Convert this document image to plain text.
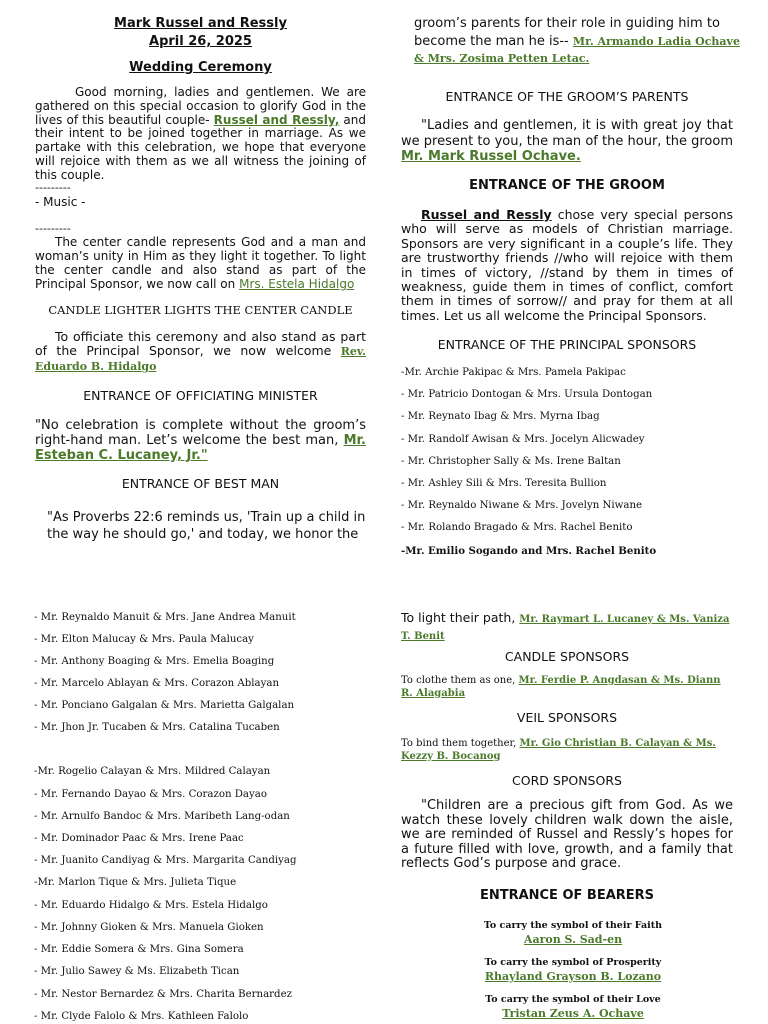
Mark Russel and Ressly
April 26, 2025
Wedding Ceremony
Good morning, ladies and gentlemen. We are gathered on this special occasion to glorify God in the lives of this beautiful couple- Russel and Ressly, and their intent to be joined together in marriage. As we partake with this celebration, we hope that everyone will rejoice with them as we all witness the joining of this couple.
---------
- Music -
---------
The center candle represents God and a man and woman’s unity in Him as they light it together. To light the center candle and also stand as part of the Principal Sponsor, we now call on Mrs. Estela Hidalgo
CANDLE LIGHTER LIGHTS THE CENTER CANDLE
To officiate this ceremony and also stand as part of the Principal Sponsor, we now welcome Rev. Eduardo B. Hidalgo
ENTRANCE OF OFFICIATING MINISTER
"No celebration is complete without the groom’s right-hand man. Let’s welcome the best man, Mr. Esteban C. Lucaney, Jr."
ENTRANCE OF BEST MAN
"As Proverbs 22:6 reminds us, 'Train up a child in the way he should go,' and today, we honor the
groom’s parents for their role in guiding him to become the man he is-- Mr. Armando Ladia Ochave & Mrs. Zosima Petten Letac.
ENTRANCE OF THE GROOM’S PARENTS
"Ladies and gentlemen, it is with great joy that we present to you, the man of the hour, the groom Mr. Mark Russel Ochave.
ENTRANCE OF THE GROOM
Russel and Ressly chose very special persons who will serve as models of Christian marriage. Sponsors are very significant in a couple’s life. They are trustworthy friends //who will rejoice with them in times of victory, //stand by them in times of weakness, guide them in times of conflict, comfort them in times of sorrow// and pray for them at all times. Let us all welcome the Principal Sponsors.
ENTRANCE OF THE PRINCIPAL SPONSORS
-Mr. Archie Pakipac & Mrs. Pamela Pakipac
- Mr. Patricio Dontogan & Mrs. Ursula Dontogan
- Mr. Reynato Ibag & Mrs. Myrna Ibag
- Mr. Randolf Awisan & Mrs. Jocelyn Alicwadey
- Mr. Christopher Sally & Ms. Irene Baltan
- Mr. Ashley Sili & Mrs. Teresita Bullion
- Mr. Reynaldo Niwane & Mrs. Jovelyn Niwane
- Mr. Rolando Bragado & Mrs. Rachel Benito
-Mr. Emilio Sogando and Mrs. Rachel Benito
- Mr. Reynaldo Manuit & Mrs. Jane Andrea Manuit
- Mr. Elton Malucay & Mrs. Paula Malucay
- Mr. Anthony Boaging & Mrs. Emelia Boaging
- Mr. Marcelo Ablayan & Mrs. Corazon Ablayan
- Mr. Ponciano Galgalan & Mrs. Marietta Galgalan
- Mr. Jhon Jr. Tucaben & Mrs. Catalina Tucaben
-Mr. Rogelio Calayan & Mrs. Mildred Calayan
- Mr. Fernando Dayao & Mrs. Corazon Dayao
- Mr. Arnulfo Bandoc & Mrs. Maribeth Lang-odan
- Mr. Dominador Paac & Mrs. Irene Paac
- Mr. Juanito Candiyag & Mrs. Margarita Candiyag
-Mr. Marlon Tique & Mrs. Julieta Tique
- Mr. Eduardo Hidalgo & Mrs. Estela Hidalgo
- Mr. Johnny Gioken & Mrs. Manuela Gioken
- Mr. Eddie Somera & Mrs. Gina Somera
- Mr. Julio Sawey & Ms. Elizabeth Tican
- Mr. Nestor Bernardez & Mrs. Charita Bernardez
- Mr. Clyde Falolo & Mrs. Kathleen Falolo
To light their path, Mr. Raymart L. Lucaney & Ms. Vaniza T. Benit
CANDLE SPONSORS
To clothe them as one, Mr. Ferdie P. Angdasan & Ms. Diann R. Alagabia
VEIL SPONSORS
To bind them together, Mr. Gio Christian B. Calayan & Ms. Kezzy B. Bocanog
CORD SPONSORS
"Children are a precious gift from God. As we watch these lovely children walk down the aisle, we are reminded of Russel and Ressly’s hopes for a future filled with love, growth, and a family that reflects God’s purpose and grace.
ENTRANCE OF BEARERS
To carry the symbol of their Faith
Aaron S. Sad-en
To carry the symbol of Prosperity
Rhayland Grayson B. Lozano
To carry the symbol of their Love
Tristan Zeus A. Ochave
